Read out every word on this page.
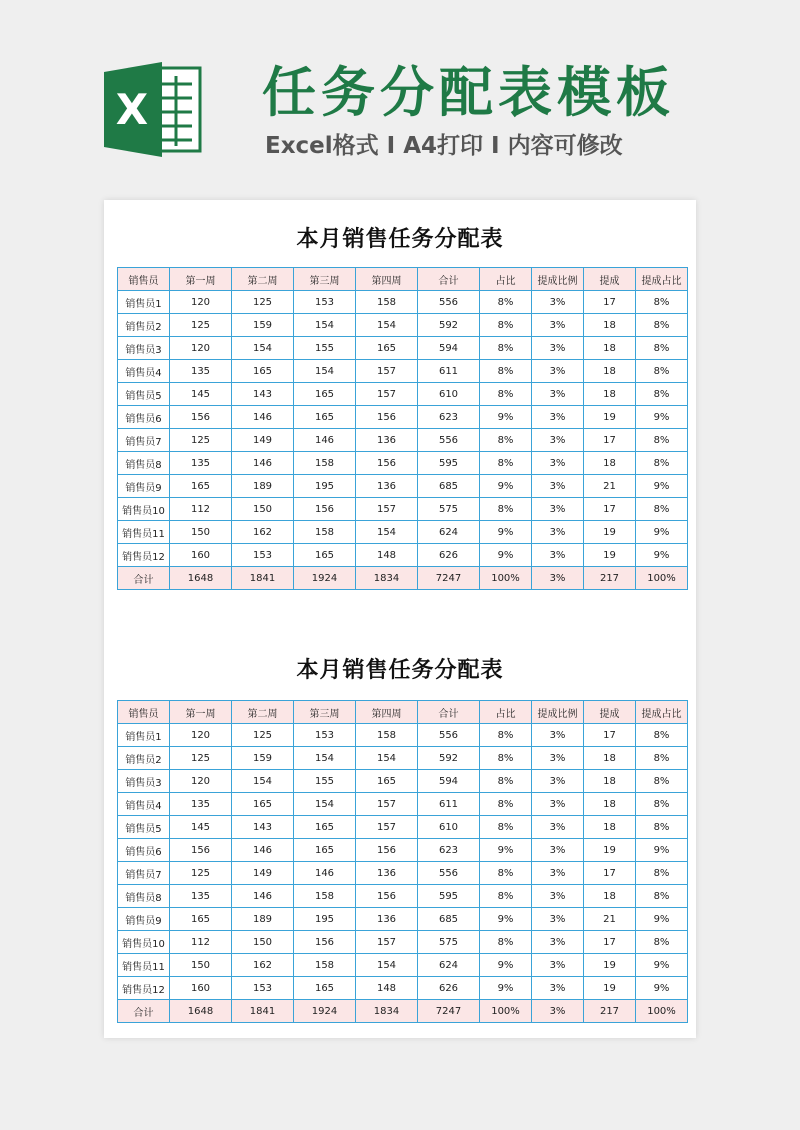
X 任务分配表模板
Excel格式 I A4打印 I 内容可修改
本月销售任务分配表
销售员	第一周	第二周	第三周	第四周	合计	占比	提成比例	提成	提成占比
销售员1	120	125	153	158	556	8%	3%	17	8%
销售员2	125	159	154	154	592	8%	3%	18	8%
销售员3	120	154	155	165	594	8%	3%	18	8%
销售员4	135	165	154	157	611	8%	3%	18	8%
销售员5	145	143	165	157	610	8%	3%	18	8%
销售员6	156	146	165	156	623	9%	3%	19	9%
销售员7	125	149	146	136	556	8%	3%	17	8%
销售员8	135	146	158	156	595	8%	3%	18	8%
销售员9	165	189	195	136	685	9%	3%	21	9%
销售员10	112	150	156	157	575	8%	3%	17	8%
销售员11	150	162	158	154	624	9%	3%	19	9%
销售员12	160	153	165	148	626	9%	3%	19	9%
合计	1648	1841	1924	1834	7247	100%	3%	217	100%
本月销售任务分配表
销售员	第一周	第二周	第三周	第四周	合计	占比	提成比例	提成	提成占比
销售员1	120	125	153	158	556	8%	3%	17	8%
销售员2	125	159	154	154	592	8%	3%	18	8%
销售员3	120	154	155	165	594	8%	3%	18	8%
销售员4	135	165	154	157	611	8%	3%	18	8%
销售员5	145	143	165	157	610	8%	3%	18	8%
销售员6	156	146	165	156	623	9%	3%	19	9%
销售员7	125	149	146	136	556	8%	3%	17	8%
销售员8	135	146	158	156	595	8%	3%	18	8%
销售员9	165	189	195	136	685	9%	3%	21	9%
销售员10	112	150	156	157	575	8%	3%	17	8%
销售员11	150	162	158	154	624	9%	3%	19	9%
销售员12	160	153	165	148	626	9%	3%	19	9%
合计	1648	1841	1924	1834	7247	100%	3%	217	100%
